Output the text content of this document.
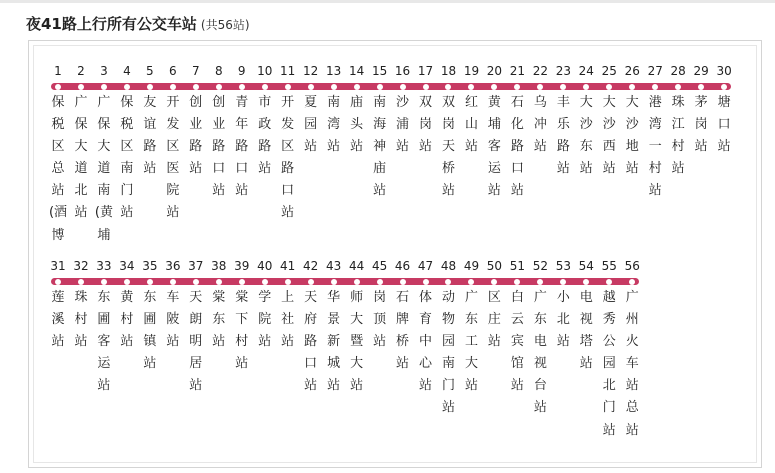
夜41路上行所有公交车站 (共56站)
1
保税区总站(酒博
2
广保大道北站
3
广保大道南(黄埔
4
保税区南门站
5
友谊路站
6
开发区医院站
7
创业路站
8
创业路口站
9
青年路口站
10
市政路站
11
开发区路口站
12
夏园站
13
南湾站
14
庙头站
15
南海神庙站
16
沙浦站
17
双岗站
18
双岗天桥站
19
红山站
20
黄埔客运站
21
石化路口站
22
乌冲站
23
丰乐路站
24
大沙东站
25
大沙西站
26
大沙地站
27
港湾一村站
28
珠江村站
29
茅岗站
30
塘口站
31
莲溪站
32
珠村站
33
东圃客运站
34
黄村站
35
东圃镇站
36
车陂站
37
天朗明居站
38
棠东站
39
棠下村站
40
学院站
41
上社站
42
天府路口站
43
华景新城站
44
师大暨大站
45
岗顶站
46
石牌桥站
47
体育中心站
48
动物园南门站
49
广东工大站
50
区庄站
51
白云宾馆站
52
广东电视台站
53
小北站
54
电视塔站
55
越秀公园北门站
56
广州火车站总站
